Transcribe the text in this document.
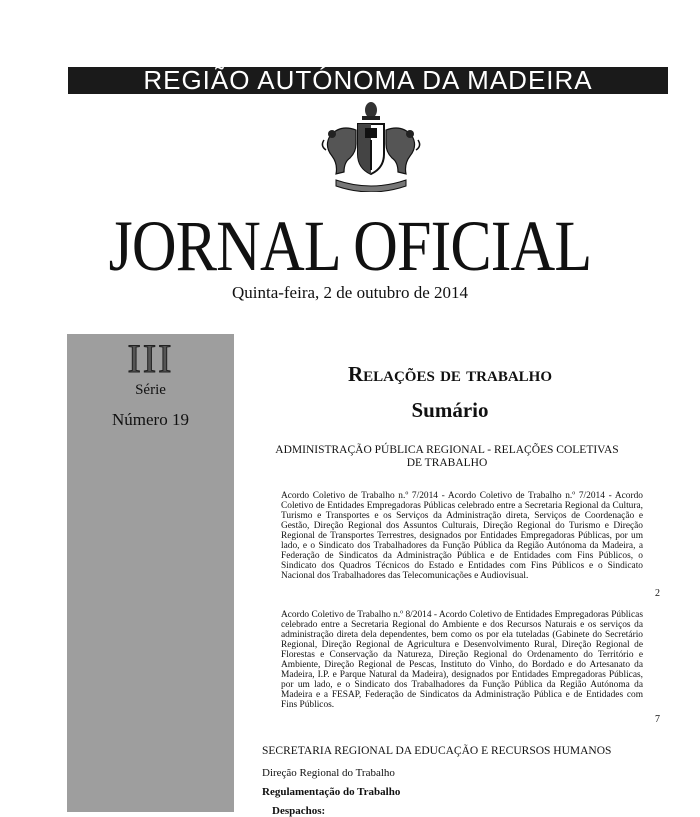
REGIÃO AUTÓNOMA DA MADEIRA
JORNAL OFICIAL
Quinta-feira, 2 de outubro de 2014
III
Série
Número 19
Relações de trabalho
Sumário
ADMINISTRAÇÃO PÚBLICA REGIONAL - RELAÇÕES COLETIVAS
DE TRABALHO
Acordo Coletivo de Trabalho n.º 7/2014 - Acordo Coletivo de Trabalho n.º 7/2014 - Acordo Coletivo de Entidades Empregadoras Públicas celebrado entre a Secretaria Regional da Cultura, Turismo e Transportes e os Serviços da Administração direta, Serviços de Coordenação e Gestão, Direção Regional dos Assuntos Culturais, Direção Regional do Turismo e Direção Regional de Transportes Terrestres, designados por Entidades Empregadoras Públicas, por um lado, e o Sindicato dos Trabalhadores da Função Pública da Região Autónoma da Madeira, a Federação de Sindicatos da Administração Pública e de Entidades com Fins Públicos, o Sindicato dos Quadros Técnicos do Estado e Entidades com Fins Públicos e o Sindicato Nacional dos Trabalhadores das Telecomunicações e Audiovisual.
2
Acordo Coletivo de Trabalho n.º 8/2014 - Acordo Coletivo de Entidades Empregadoras Públicas celebrado entre a Secretaria Regional do Ambiente e dos Recursos Naturais e os serviços da administração direta dela dependentes, bem como os por ela tuteladas (Gabinete do Secretário Regional, Direção Regional de Agricultura e Desenvolvimento Rural, Direção Regional de Florestas e Conservação da Natureza, Direção Regional do Ordenamento do Território e Ambiente, Direção Regional de Pescas, Instituto do Vinho, do Bordado e do Artesanato da Madeira, I.P. e Parque Natural da Madeira), designados por Entidades Empregadoras Públicas, por um lado, e o Sindicato dos Trabalhadores da Função Pública da Região Autónoma da Madeira e a FESAP, Federação de Sindicatos da Administração Pública e de Entidades com Fins Públicos.
7
SECRETARIA REGIONAL DA EDUCAÇÃO E RECURSOS HUMANOS
Direção Regional do Trabalho
Regulamentação do Trabalho
Despachos:
